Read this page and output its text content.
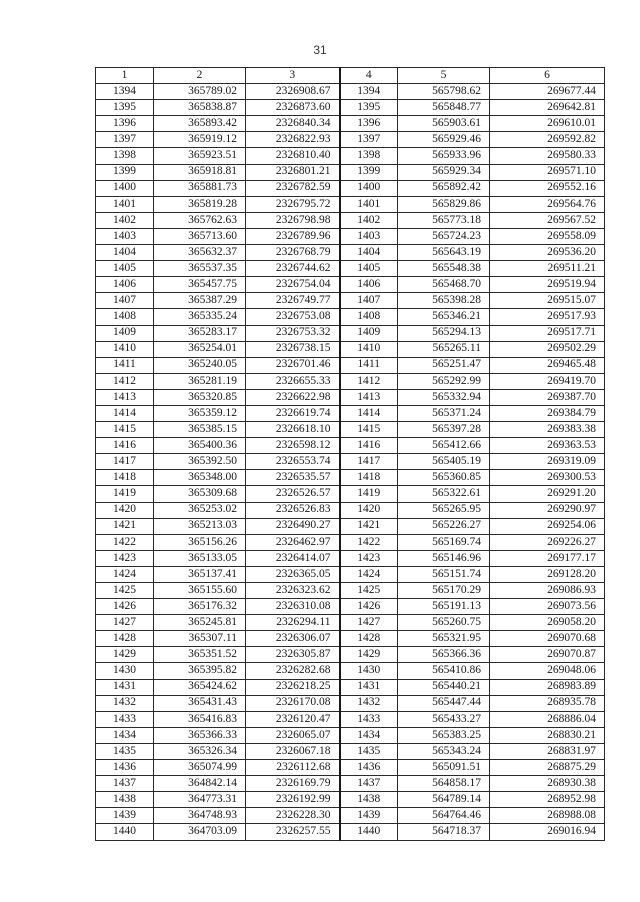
31
1	2	3	4	5	6
1394	365789.02	2326908.67	1394	565798.62	269677.44
1395	365838.87	2326873.60	1395	565848.77	269642.81
1396	365893.42	2326840.34	1396	565903.61	269610.01
1397	365919.12	2326822.93	1397	565929.46	269592.82
1398	365923.51	2326810.40	1398	565933.96	269580.33
1399	365918.81	2326801.21	1399	565929.34	269571.10
1400	365881.73	2326782.59	1400	565892.42	269552.16
1401	365819.28	2326795.72	1401	565829.86	269564.76
1402	365762.63	2326798.98	1402	565773.18	269567.52
1403	365713.60	2326789.96	1403	565724.23	269558.09
1404	365632.37	2326768.79	1404	565643.19	269536.20
1405	365537.35	2326744.62	1405	565548.38	269511.21
1406	365457.75	2326754.04	1406	565468.70	269519.94
1407	365387.29	2326749.77	1407	565398.28	269515.07
1408	365335.24	2326753.08	1408	565346.21	269517.93
1409	365283.17	2326753.32	1409	565294.13	269517.71
1410	365254.01	2326738.15	1410	565265.11	269502.29
1411	365240.05	2326701.46	1411	565251.47	269465.48
1412	365281.19	2326655.33	1412	565292.99	269419.70
1413	365320.85	2326622.98	1413	565332.94	269387.70
1414	365359.12	2326619.74	1414	565371.24	269384.79
1415	365385.15	2326618.10	1415	565397.28	269383.38
1416	365400.36	2326598.12	1416	565412.66	269363.53
1417	365392.50	2326553.74	1417	565405.19	269319.09
1418	365348.00	2326535.57	1418	565360.85	269300.53
1419	365309.68	2326526.57	1419	565322.61	269291.20
1420	365253.02	2326526.83	1420	565265.95	269290.97
1421	365213.03	2326490.27	1421	565226.27	269254.06
1422	365156.26	2326462.97	1422	565169.74	269226.27
1423	365133.05	2326414.07	1423	565146.96	269177.17
1424	365137.41	2326365.05	1424	565151.74	269128.20
1425	365155.60	2326323.62	1425	565170.29	269086.93
1426	365176.32	2326310.08	1426	565191.13	269073.56
1427	365245.81	2326294.11	1427	565260.75	269058.20
1428	365307.11	2326306.07	1428	565321.95	269070.68
1429	365351.52	2326305.87	1429	565366.36	269070.87
1430	365395.82	2326282.68	1430	565410.86	269048.06
1431	365424.62	2326218.25	1431	565440.21	268983.89
1432	365431.43	2326170.08	1432	565447.44	268935.78
1433	365416.83	2326120.47	1433	565433.27	268886.04
1434	365366.33	2326065.07	1434	565383.25	268830.21
1435	365326.34	2326067.18	1435	565343.24	268831.97
1436	365074.99	2326112.68	1436	565091.51	268875.29
1437	364842.14	2326169.79	1437	564858.17	268930.38
1438	364773.31	2326192.99	1438	564789.14	268952.98
1439	364748.93	2326228.30	1439	564764.46	268988.08
1440	364703.09	2326257.55	1440	564718.37	269016.94
